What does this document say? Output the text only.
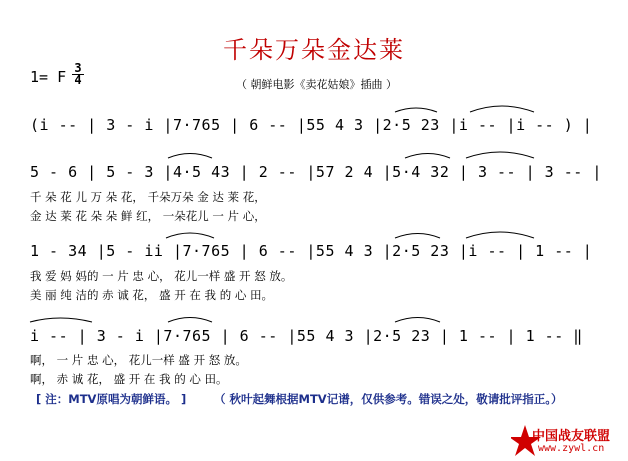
千朵万朵金达莱
1= F 3
4	（ 朝鲜电影《卖花姑娘》插曲 ）
(i -- | 3 - i |7·765 | 6 -- |55 4 3 |2·5 23 |i -- |i -- ) |
5 - 6 | 5 - 3 |4·5 43 | 2 -- |57 2 4 |5·4 32 | 3 -- | 3 -- |
千 朵 花 儿 万 朵 花， 千朵万朵 金 达 莱 花，
金 达 莱 花 朵 朵 鲜 红， 一朵花儿 一 片 心，
1 - 34 |5 - ii |7·765 | 6 -- |55 4 3 |2·5 23 |i -- | 1 -- |
我 爱 妈 妈的 一 片 忠 心， 花儿一样 盛 开 怒 放。
美 丽 纯 洁的 赤 诚 花， 盛 开 在 我 的 心 田。
i -- | 3 - i |7·765 | 6 -- |55 4 3 |2·5 23 | 1 -- | 1 -- ‖
啊， 一 片 忠 心， 花儿一样 盛 开 怒 放。
啊， 赤 诚 花， 盛 开 在 我 的 心 田。
[ 注：MTV原唱为朝鲜语。 ] （ 秋叶起舞根据MTV记谱，仅供参考。错误之处，敬请批评指正。）
中国战友联盟
www.zywl.cn
